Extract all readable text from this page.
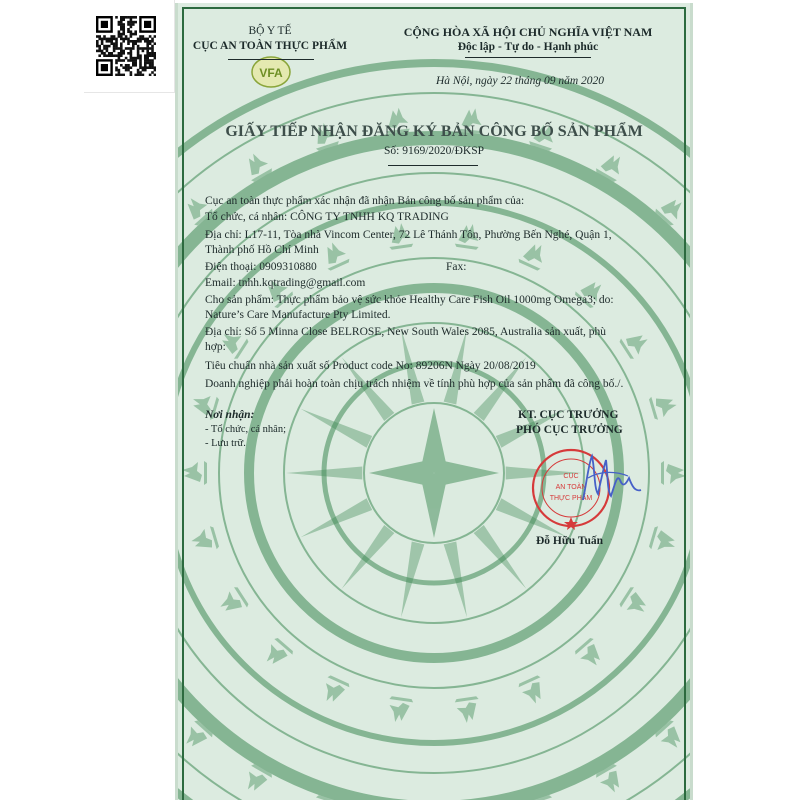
BỘ Y TẾ
CỤC AN TOÀN THỰC PHẨM
VFA
CỘNG HÒA XÃ HỘI CHỦ NGHĨA VIỆT NAM
Độc lập - Tự do - Hạnh phúc
Hà Nội, ngày 22 tháng 09 năm 2020
GIẤY TIẾP NHẬN ĐĂNG KÝ BẢN CÔNG BỐ SẢN PHẨM
Số: 9169/2020/ĐKSP
Cục an toàn thực phẩm xác nhận đã nhận Bản công bố sản phẩm của:
Tổ chức, cá nhân: CÔNG TY TNHH KQ TRADING
Địa chỉ: L17-11, Tòa nhà Vincom Center, 72 Lê Thánh Tôn, Phường Bến Nghé, Quận 1,
Thành phố Hồ Chí Minh
Điện thoại: 0909310880	Fax:
Email: tnhh.kqtrading@gmail.com
Cho sản phẩm: Thực phẩm bảo vệ sức khỏe Healthy Care Fish Oil 1000mg Omega3; do:
Nature’s Care Manufacture Pty Limited.
Địa chỉ: Số 5 Minna Close BELROSE, New South Wales 2085, Australia sản xuất, phù
hợp:
Tiêu chuẩn nhà sản xuất số Product code No: 89206N Ngày 20/08/2019
Doanh nghiệp phải hoàn toàn chịu trách nhiệm về tính phù hợp của sản phẩm đã công bố./.
Nơi nhận:
- Tổ chức, cá nhân;
- Lưu trữ.
KT. CỤC TRƯỞNG
PHÓ CỤC TRƯỞNG
CỤC
AN TOÀN
THỰC PHẨM
Đỗ Hữu Tuấn
